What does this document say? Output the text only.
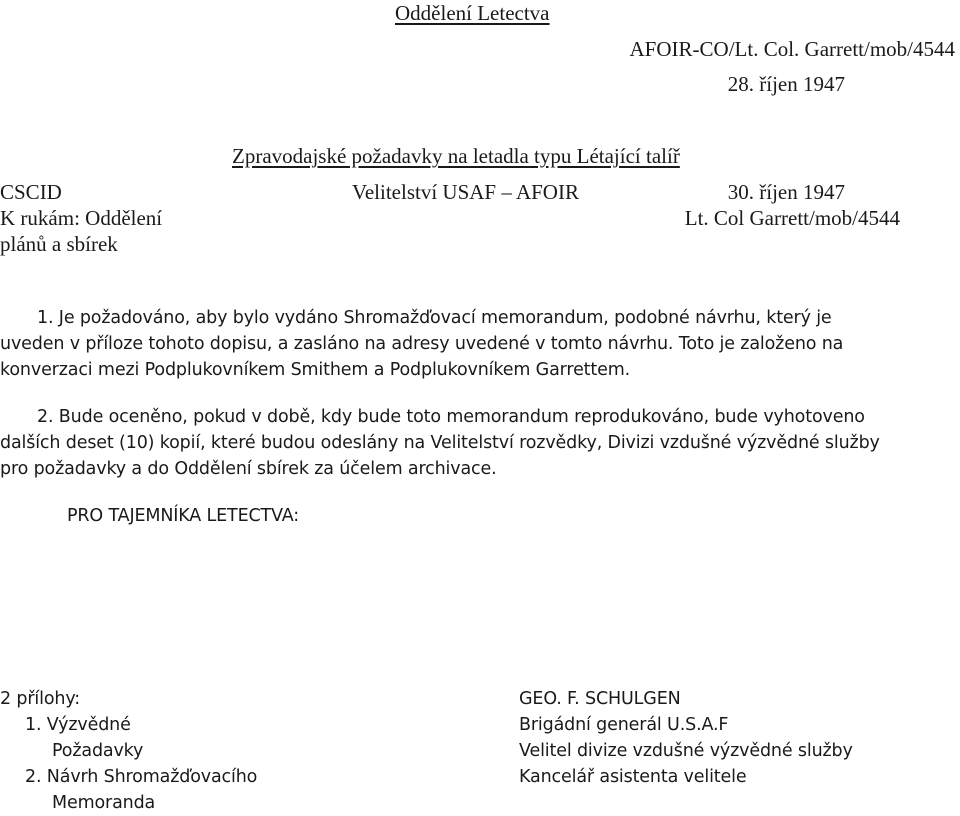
Oddělení Letectva
AFOIR-CO/Lt. Col. Garrett/mob/4544
28. říjen 1947
Zpravodajské požadavky na letadla typu Létající talíř
CSCID	Velitelství USAF – AFOIR	30. říjen 1947
K rukám: Oddělení	Lt. Col Garrett/mob/4544
plánů a sbírek
1. Je požadováno, aby bylo vydáno Shromažďovací memorandum, podobné návrhu, který je
uveden v příloze tohoto dopisu, a zasláno na adresy uvedené v tomto návrhu. Toto je založeno na
konverzaci mezi Podplukovníkem Smithem a Podplukovníkem Garrettem.
2. Bude oceněno, pokud v době, kdy bude toto memorandum reprodukováno, bude vyhotoveno
dalších deset (10) kopií, které budou odeslány na Velitelství rozvědky, Divizi vzdušné výzvědné služby
pro požadavky a do Oddělení sbírek za účelem archivace.
PRO TAJEMNÍKA LETECTVA:
2 přílohy:
1. Výzvědné
Požadavky
2. Návrh Shromažďovacího
Memoranda
GEO. F. SCHULGEN
Brigádní generál U.S.A.F
Velitel divize vzdušné výzvědné služby
Kancelář asistenta velitele
